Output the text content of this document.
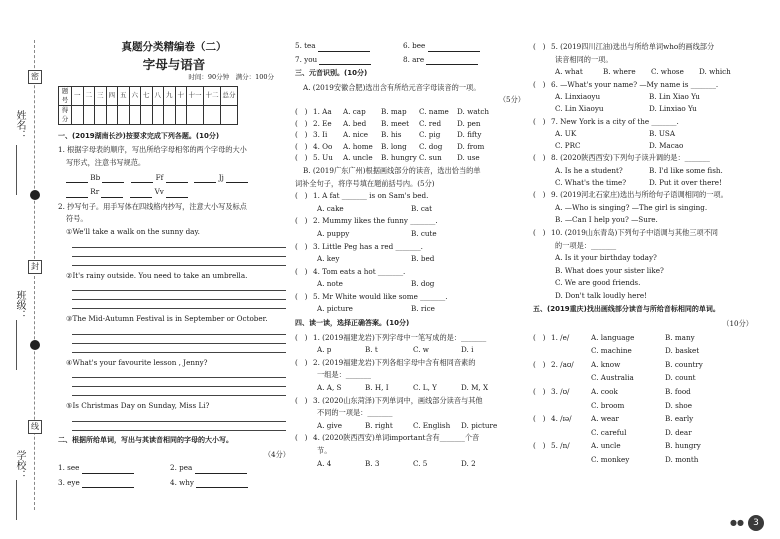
姓名：
班级：
学校：
密
封
线
真题分类精编卷（二）
字母与语音
时间：90分钟　满分：100分
题号	一	二	三	四	五	六	七	八	九	十	十一	十二	总分
得分													
一、(2019湖南长沙)按要求完成下列各题。(10分)
1. 根据字母表的顺序，写出所给字母相邻的两个字母的大小
写形式，注意书写规范。
Bb	Ff	Jj
Rr	Vv
2. 抄写句子。用手写体在四线格内抄写，注意大小写及标点
符号。
①We'll take a walk on the sunny day.
②It's rainy outside. You need to take an umbrella.
③The Mid-Autumn Festival is in September or October.
④What's your favourite lesson , Jenny?
⑤Is Christmas Day on Sunday, Miss Li?
二、根据所给单词，写出与其读音相同的字母的大小写。
（4分）
1. see	2. pea
3. eye	4. why
5. tea	6. bee
7. you	8. are
三、元音识别。(10分)
A. (2019安徽合肥)选出含有所给元音字母读音的一项。
（5分）
(   ) 1. Aa	A. cap	B. map	C. name	D. watch
(   ) 2. Ee	A. bed	B. meet	C. red	D. pen
(   ) 3. Ii	A. nice	B. his	C. pig	D. fifty
(   ) 4. Oo	A. home	B. long	C. dog	D. from
(   ) 5. Uu	A. uncle	B. hungry C. sun	D. use
B. (2019广东广州)根据画线部分的读音，选出恰当的单
词补全句子，将序号填在题前括号内。(5分)
(   ) 1. A fat _______ is on Sam's bed.
A. cake	B. cat
(   ) 2. Mummy likes the funny _______.
A. puppy	B. cute
(   ) 3. Little Peg has a red _______.
A. key	B. bed
(   ) 4. Tom eats a hot _______.
A. note	B. dog
(   ) 5. Mr White would like some _______.
A. picture	B. rice
四、读一读，选择正确答案。(10分)
(   ) 1. (2019福建龙岩)下列字母中一笔写成的是：_______
A. p	B. t	C. w	D. i
(   ) 2. (2019福建龙岩)下列各组字母中含有相同音素的
一组是：_______
A. A, S	B. H, I	C. L, Y	D. M, X
(   ) 3. (2020山东菏泽)下列单词中，画线部分读音与其他
不同的一项是：_______
A. give	B. right	C. English	D. picture
(   ) 4. (2020陕西西安)单词important含有_______个音
节。
A. 4	B. 3	C. 5	D. 2
(   ) 5. (2019四川江油)选出与所给单词who的画线部分
读音相同的一项。
A. what	B. where	C. whose	D. which
(   ) 6. —What's your name? —My name is _______.
A. Linxiaoyu	B. Lin Xiao Yu
C. Lin Xiaoyu	D. Linxiao Yu
(   ) 7. New York is a city of the _______.
A. UK	B. USA
C. PRC	D. Macao
(   ) 8. (2020陕西西安)下列句子读升调的是：_______
A. Is he a student?	B. I'd like some fish.
C. What's the time?	D. Put it over there!
(   ) 9. (2019河北石家庄)选出与所给句子语调相同的一项。
A. —Who is singing? —The girl is singing.
B. —Can I help you? —Sure.
(   ) 10. (2019山东青岛)下列句子中语调与其他三项不同
的一项是：_______
A. Is it your birthday today?
B. What does your sister like?
C. We are good friends.
D. Don't talk loudly here!
五、(2019重庆)找出画线部分读音与所给音标相同的单词。
（10分）
(   ) 1. /e/	A. language	B. many
C. machine	D. basket
(   ) 2. /aʊ/	A. know	B. country
C. Australia	D. count
(   ) 3. /ʊ/	A. cook	B. food
C. broom	D. shoe
(   ) 4. /ɪə/	A. wear	B. early
C. careful	D. dear
(   ) 5. /n/	A. uncle	B. hungry
C. monkey	D. month
●●	3
